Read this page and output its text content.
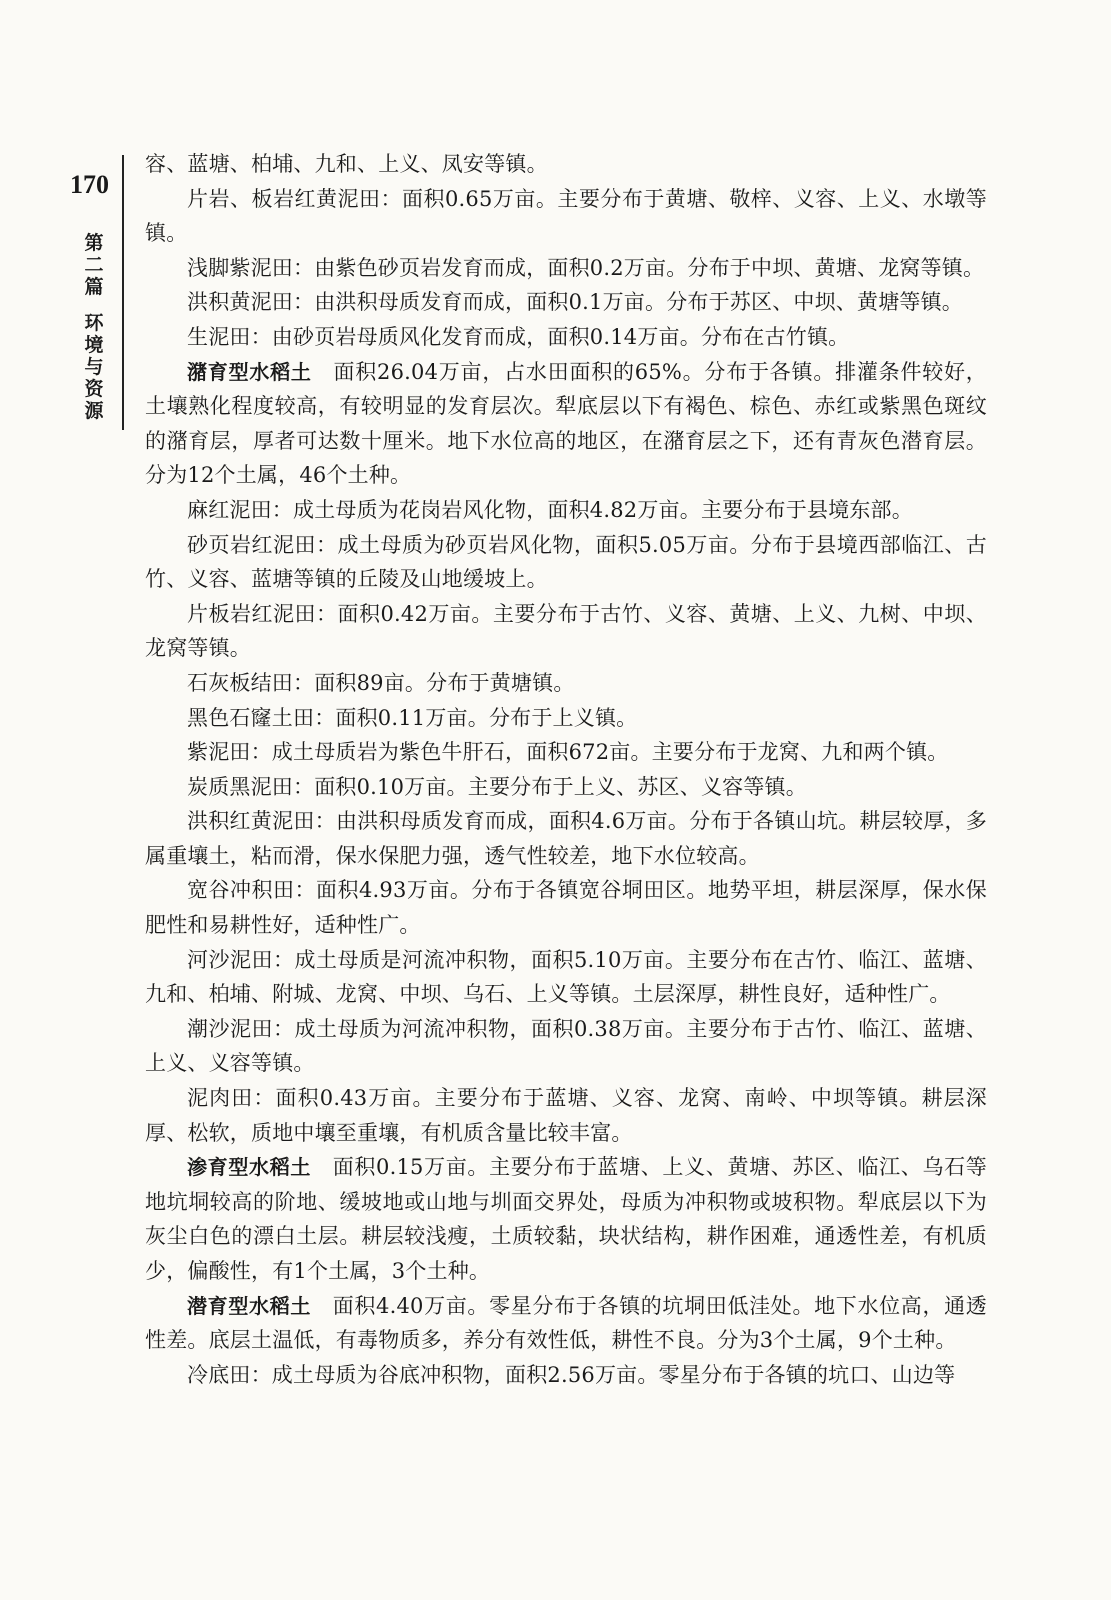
170
第
二
篇
环
境
与
资
源

容、蓝塘、柏埔、九和、上义、凤安等镇。

片岩、板岩红黄泥田：面积0.65万亩。主要分布于黄塘、敬梓、义容、上义、水墩等镇。

浅脚紫泥田：由紫色砂页岩发育而成，面积0.2万亩。分布于中坝、黄塘、龙窝等镇。

洪积黄泥田：由洪积母质发育而成，面积0.1万亩。分布于苏区、中坝、黄塘等镇。

生泥田：由砂页岩母质风化发育而成，面积0.14万亩。分布在古竹镇。

潴育型水稻土　面积26.04万亩，占水田面积的65%。分布于各镇。排灌条件较好，土壤熟化程度较高，有较明显的发育层次。犁底层以下有褐色、棕色、赤红或紫黑色斑纹的潴育层，厚者可达数十厘米。地下水位高的地区，在潴育层之下，还有青灰色潜育层。分为12个土属，46个土种。

麻红泥田：成土母质为花岗岩风化物，面积4.82万亩。主要分布于县境东部。

砂页岩红泥田：成土母质为砂页岩风化物，面积5.05万亩。分布于县境西部临江、古竹、义容、蓝塘等镇的丘陵及山地缓坡上。

片板岩红泥田：面积0.42万亩。主要分布于古竹、义容、黄塘、上义、九树、中坝、龙窝等镇。

石灰板结田：面积89亩。分布于黄塘镇。

黑色石窿土田：面积0.11万亩。分布于上义镇。

紫泥田：成土母质岩为紫色牛肝石，面积672亩。主要分布于龙窝、九和两个镇。

炭质黑泥田：面积0.10万亩。主要分布于上义、苏区、义容等镇。

洪积红黄泥田：由洪积母质发育而成，面积4.6万亩。分布于各镇山坑。耕层较厚，多属重壤土，粘而滑，保水保肥力强，透气性较差，地下水位较高。

宽谷冲积田：面积4.93万亩。分布于各镇宽谷垌田区。地势平坦，耕层深厚，保水保肥性和易耕性好，适种性广。

河沙泥田：成土母质是河流冲积物，面积5.10万亩。主要分布在古竹、临江、蓝塘、九和、柏埔、附城、龙窝、中坝、乌石、上义等镇。土层深厚，耕性良好，适种性广。

潮沙泥田：成土母质为河流冲积物，面积0.38万亩。主要分布于古竹、临江、蓝塘、上义、义容等镇。

泥肉田：面积0.43万亩。主要分布于蓝塘、义容、龙窝、南岭、中坝等镇。耕层深厚、松软，质地中壤至重壤，有机质含量比较丰富。

渗育型水稻土　面积0.15万亩。主要分布于蓝塘、上义、黄塘、苏区、临江、乌石等地坑垌较高的阶地、缓坡地或山地与圳面交界处，母质为冲积物或坡积物。犁底层以下为灰尘白色的漂白土层。耕层较浅瘦，土质较黏，块状结构，耕作困难，通透性差，有机质少，偏酸性，有1个土属，3个土种。

潜育型水稻土　面积4.40万亩。零星分布于各镇的坑垌田低洼处。地下水位高，通透性差。底层土温低，有毒物质多，养分有效性低，耕性不良。分为3个土属，9个土种。

冷底田：成土母质为谷底冲积物，面积2.56万亩。零星分布于各镇的坑口、山边等
